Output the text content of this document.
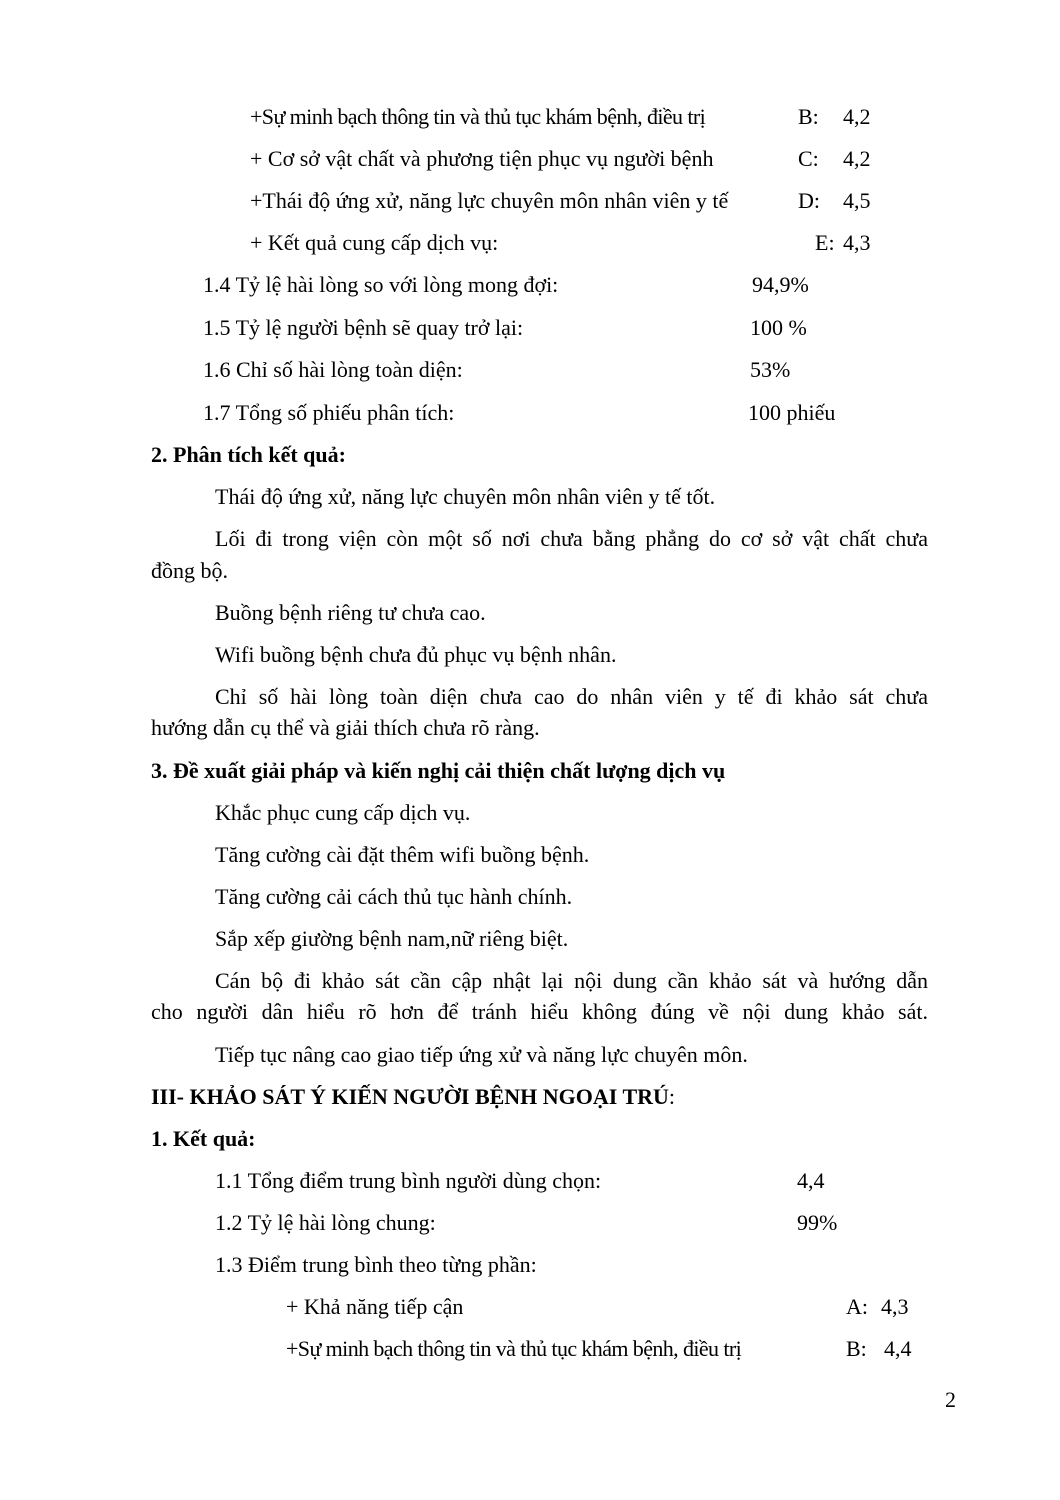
+Sự minh bạch thông tin và thủ tục khám bệnh, điều trị	B: 4,2
+ Cơ sở vật chất và phương tiện phục vụ người bệnh	C: 4,2
+Thái độ ứng xử, năng lực chuyên môn nhân viên y tế	D: 4,5
+ Kết quả cung cấp dịch vụ:	E: 4,3
1.4 Tỷ lệ hài lòng so với lòng mong đợi:	94,9%
1.5 Tỷ lệ người bệnh sẽ quay trở lại:	100 %
1.6 Chỉ số hài lòng toàn diện:	53%
1.7 Tổng số phiếu phân tích:	100 phiếu
2. Phân tích kết quả:
Thái độ ứng xử, năng lực chuyên môn nhân viên y tế tốt.
Lối đi trong viện còn một số nơi chưa bằng phẳng do cơ sở vật chất chưa
đồng bộ.
Buồng bệnh riêng tư chưa cao.
Wifi buồng bệnh chưa đủ phục vụ bệnh nhân.
Chỉ số hài lòng toàn diện chưa cao do nhân viên y tế đi khảo sát chưa
hướng dẫn cụ thể và giải thích chưa rõ ràng.
3. Đề xuất giải pháp và kiến nghị cải thiện chất lượng dịch vụ
Khắc phục cung cấp dịch vụ.
Tăng cường cài đặt thêm wifi buồng bệnh.
Tăng cường cải cách thủ tục hành chính.
Sắp xếp giường bệnh nam,nữ riêng biệt.
Cán bộ đi khảo sát cần cập nhật lại nội dung cần khảo sát và hướng dẫn
cho người dân hiểu rõ hơn để tránh hiểu không đúng về nội dung khảo sát.
Tiếp tục nâng cao giao tiếp ứng xử và năng lực chuyên môn.
III- KHẢO SÁT Ý KIẾN NGƯỜI BỆNH NGOẠI TRÚ:
1. Kết quả:
1.1 Tổng điểm trung bình người dùng chọn:	4,4
1.2 Tỷ lệ hài lòng chung:	99%
1.3 Điểm trung bình theo từng phần:
+ Khả năng tiếp cận	A: 4,3
+Sự minh bạch thông tin và thủ tục khám bệnh, điều trị	B: 4,4
2
